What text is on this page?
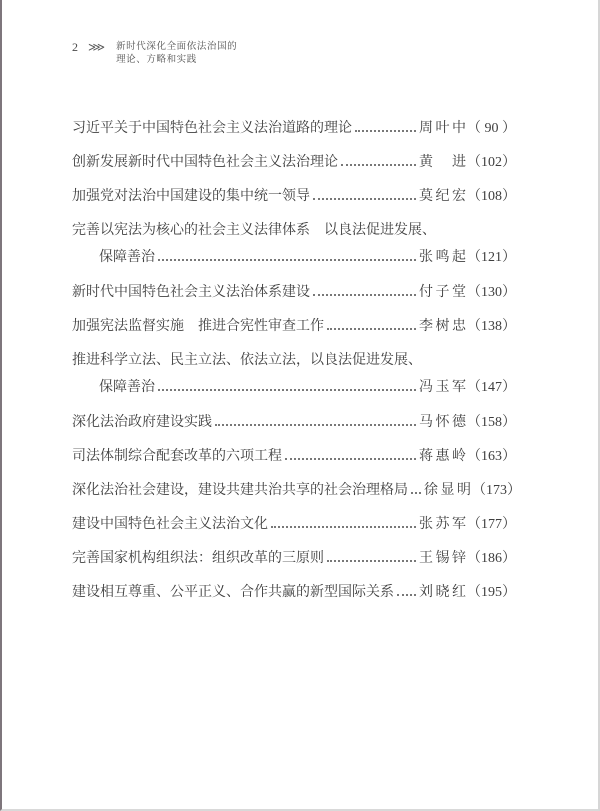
2 ⋙ 新时代深化全面依法治国的
理论、方略和实践
习近平关于中国特色社会主义法治道路的理论	周叶中 （ 90 ）
创新发展新时代中国特色社会主义法治理论	黄进 （102）
加强党对法治中国建设的集中统一领导	莫纪宏 （108）
完善以宪法为核心的社会主义法律体系　以良法促进发展、
保障善治	张鸣起 （121）
新时代中国特色社会主义法治体系建设	付子堂 （130）
加强宪法监督实施　推进合宪性审查工作	李树忠 （138）
推进科学立法、民主立法、依法立法，以良法促进发展、
保障善治	冯玉军 （147）
深化法治政府建设实践	马怀德 （158）
司法体制综合配套改革的六项工程	蒋惠岭 （163）
深化法治社会建设，建设共建共治共享的社会治理格局 徐显明 （173）
建设中国特色社会主义法治文化	张苏军 （177）
完善国家机构组织法：组织改革的三原则	王锡锌 （186）
建设相互尊重、公平正义、合作共赢的新型国际关系 刘晓红 （195）
